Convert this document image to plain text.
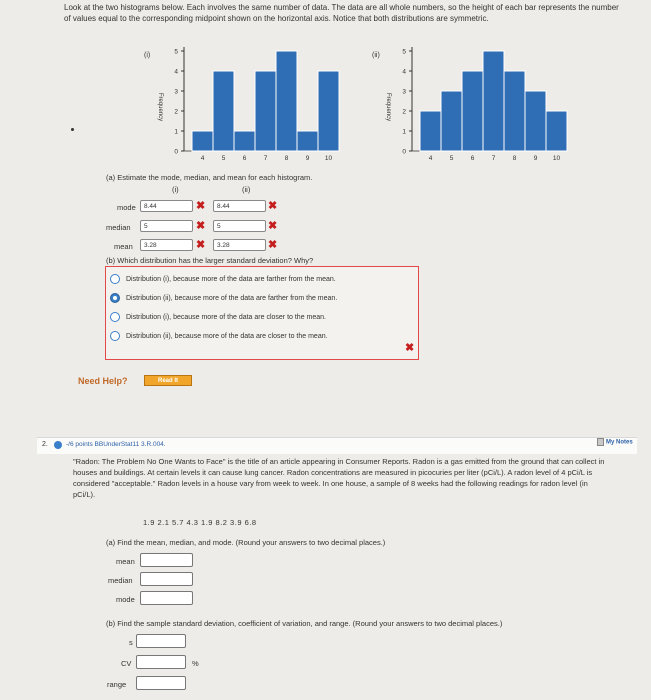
Look at the two histograms below. Each involves the same number of data. The data are all whole numbers, so the height of each bar represents the number of values equal to the corresponding midpoint shown on the horizontal axis. Notice that both distributions are symmetric.
(i)
Frequency
0
1
2
3
4
5
4	5	6	7	8	9 10
(ii)
Frequency
0
1
2
3
4
5
4	5	6	7	8	9 10
(a) Estimate the mode, median, and mean for each histogram.
(i)	(ii)
mode	8.44	✖	8.44	✖
median	5	✖	5	✖
mean	3.28	✖	3.28	✖
(b) Which distribution has the larger standard deviation? Why?
Distribution (i), because more of the data are farther from the mean.
Distribution (ii), because more of the data are farther from the mean.
Distribution (i), because more of the data are closer to the mean.
Distribution (ii), because more of the data are closer to the mean.
✖
Need Help?	Read It
2.	-/6 points BBUnderStat11 3.R.004.	My Notes
"Radon: The Problem No One Wants to Face" is the title of an article appearing in Consumer Reports. Radon is a gas emitted from the ground that can collect in houses and buildings. At certain levels it can cause lung cancer. Radon concentrations are measured in picocuries per liter (pCi/L). A radon level of 4 pCi/L is considered "acceptable." Radon levels in a house vary from week to week. In one house, a sample of 8 weeks had the following readings for radon level (in pCi/L).
1.9 2.1 5.7 4.3 1.9 8.2 3.9 6.8
(a) Find the mean, median, and mode. (Round your answers to two decimal places.)
mean
median
mode
(b) Find the sample standard deviation, coefficient of variation, and range. (Round your answers to two decimal places.)
s
CV	%
range
